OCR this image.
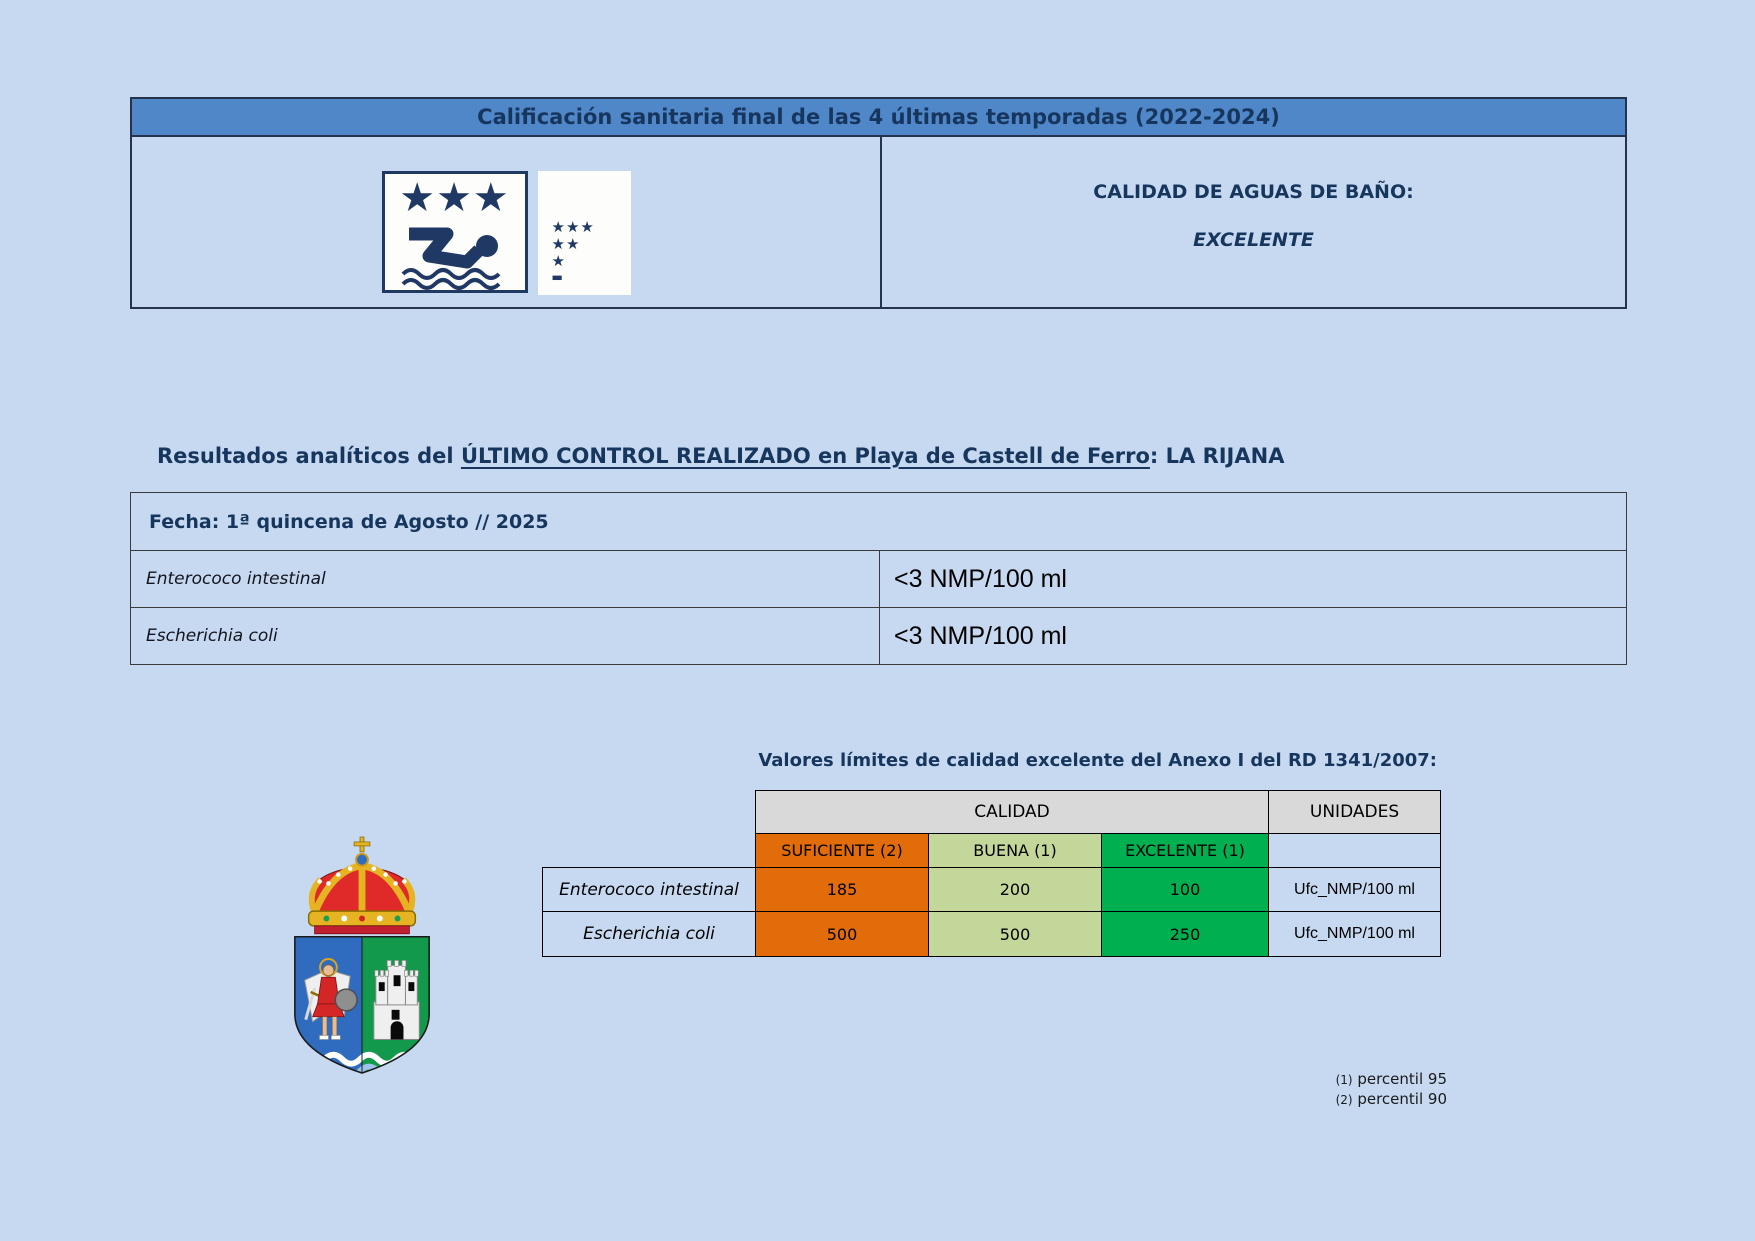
Calificación sanitaria final de las 4 últimas temporadas (2022-2024)
★★★
★★★
★★
★
▬
CALIDAD DE AGUAS DE BAÑO:
EXCELENTE
Resultados analíticos del ÚLTIMO CONTROL REALIZADO en Playa de Castell de Ferro: LA RIJANA
Fecha: 1ª quincena de Agosto // 2025
Enterococo intestinal	<3 NMP/100 ml
Escherichia coli	<3 NMP/100 ml
Valores límites de calidad excelente del Anexo I del RD 1341/2007:
	CALIDAD			UNIDADES
	SUFICIENTE (2)	BUENA (1)	EXCELENTE (1)	
Enterococo intestinal	185	200	100	Ufc_NMP/100 ml
Escherichia coli	500	500	250	Ufc_NMP/100 ml
(1) percentil 95
(2) percentil 90
